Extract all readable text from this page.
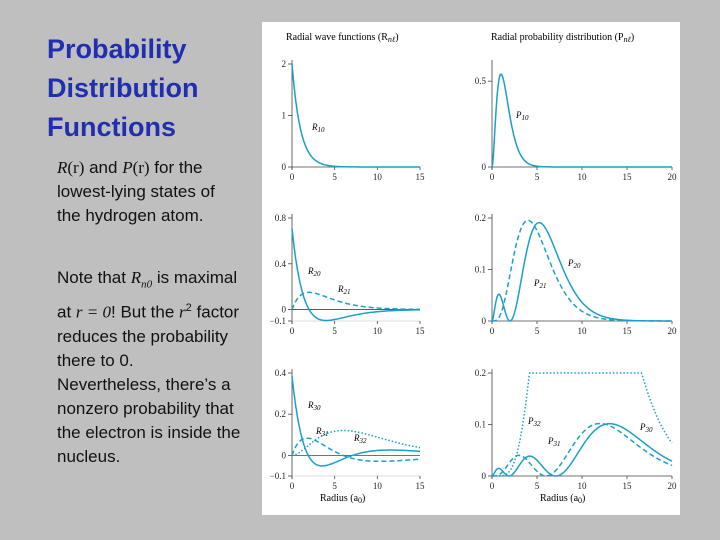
Probability
Distribution
Functions
R(r) and P(r) for the lowest-lying states of the hydrogen atom.
Note that $R_{n0}$ is maximal at r = 0! But the $r^2$ factor reduces the probability there to 0. Nevertheless, there’s a nonzero probability that the electron is inside the nucleus.
Radial wave functions $(R_{n\ell})$	Radial probability distribution $(P_{n\ell})$
0
1
2
0	5	10	15
0
0.5
0	5	10	15	20
−0.1
0
0.4
0.8
0	5	10	15
0
0.1
0.2
0	5	10	15	20
−0.1
0
0.2
0.4
0	5	10	15
0
0.1
0.2
0	5	10	15	20
Radius $(a_0)$	Radius $(a_0)$
$R_{10}$
$P_{10}$
$R_{20}$
$R_{21}$
$P_{20}$
$P_{21}$
$R_{30}$
$R_{31}$	$R_{32}$
$P_{32}$
$P_{31}$
$P_{30}$
